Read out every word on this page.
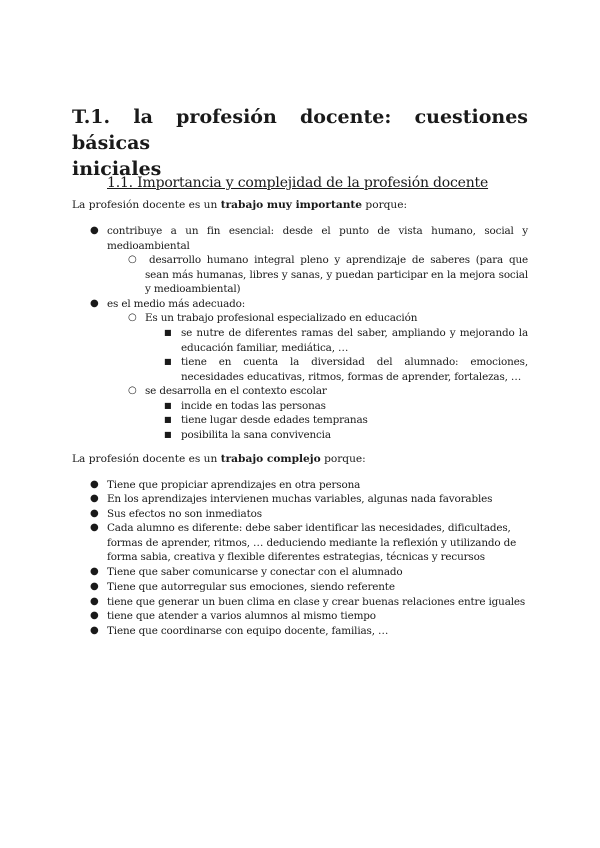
T.1. la profesión docente: cuestiones básicas
iniciales
1.1. Importancia y complejidad de la profesión docente
La profesión docente es un trabajo muy importante porque:
● contribuye a un fin esencial: desde el punto de vista humano, social y medioambiental
○	desarrollo humano integral pleno y aprendizaje de saberes (para que sean más humanas, libres y sanas, y puedan participar en la mejora social y medioambiental)
● es el medio más adecuado:
○ Es un trabajo profesional especializado en educación
■ se nutre de diferentes ramas del saber, ampliando y mejorando la educación familiar, mediática, …
■ tiene en cuenta la diversidad del alumnado: emociones, necesidades educativas, ritmos, formas de aprender, fortalezas, …
○ se desarrolla en el contexto escolar
■ incide en todas las personas
■ tiene lugar desde edades tempranas
■ posibilita la sana convivencia
La profesión docente es un trabajo complejo porque:
● Tiene que propiciar aprendizajes en otra persona
● En los aprendizajes intervienen muchas variables, algunas nada favorables
● Sus efectos no son inmediatos
● Cada alumno es diferente: debe saber identificar las necesidades, dificultades, formas de aprender, ritmos, … deduciendo mediante la reflexión y utilizando de forma sabia, creativa y flexible diferentes estrategias, técnicas y recursos
● Tiene que saber comunicarse y conectar con el alumnado
● Tiene que autorregular sus emociones, siendo referente
● tiene que generar un buen clima en clase y crear buenas relaciones entre iguales
● tiene que atender a varios alumnos al mismo tiempo
● Tiene que coordinarse con equipo docente, familias, …
